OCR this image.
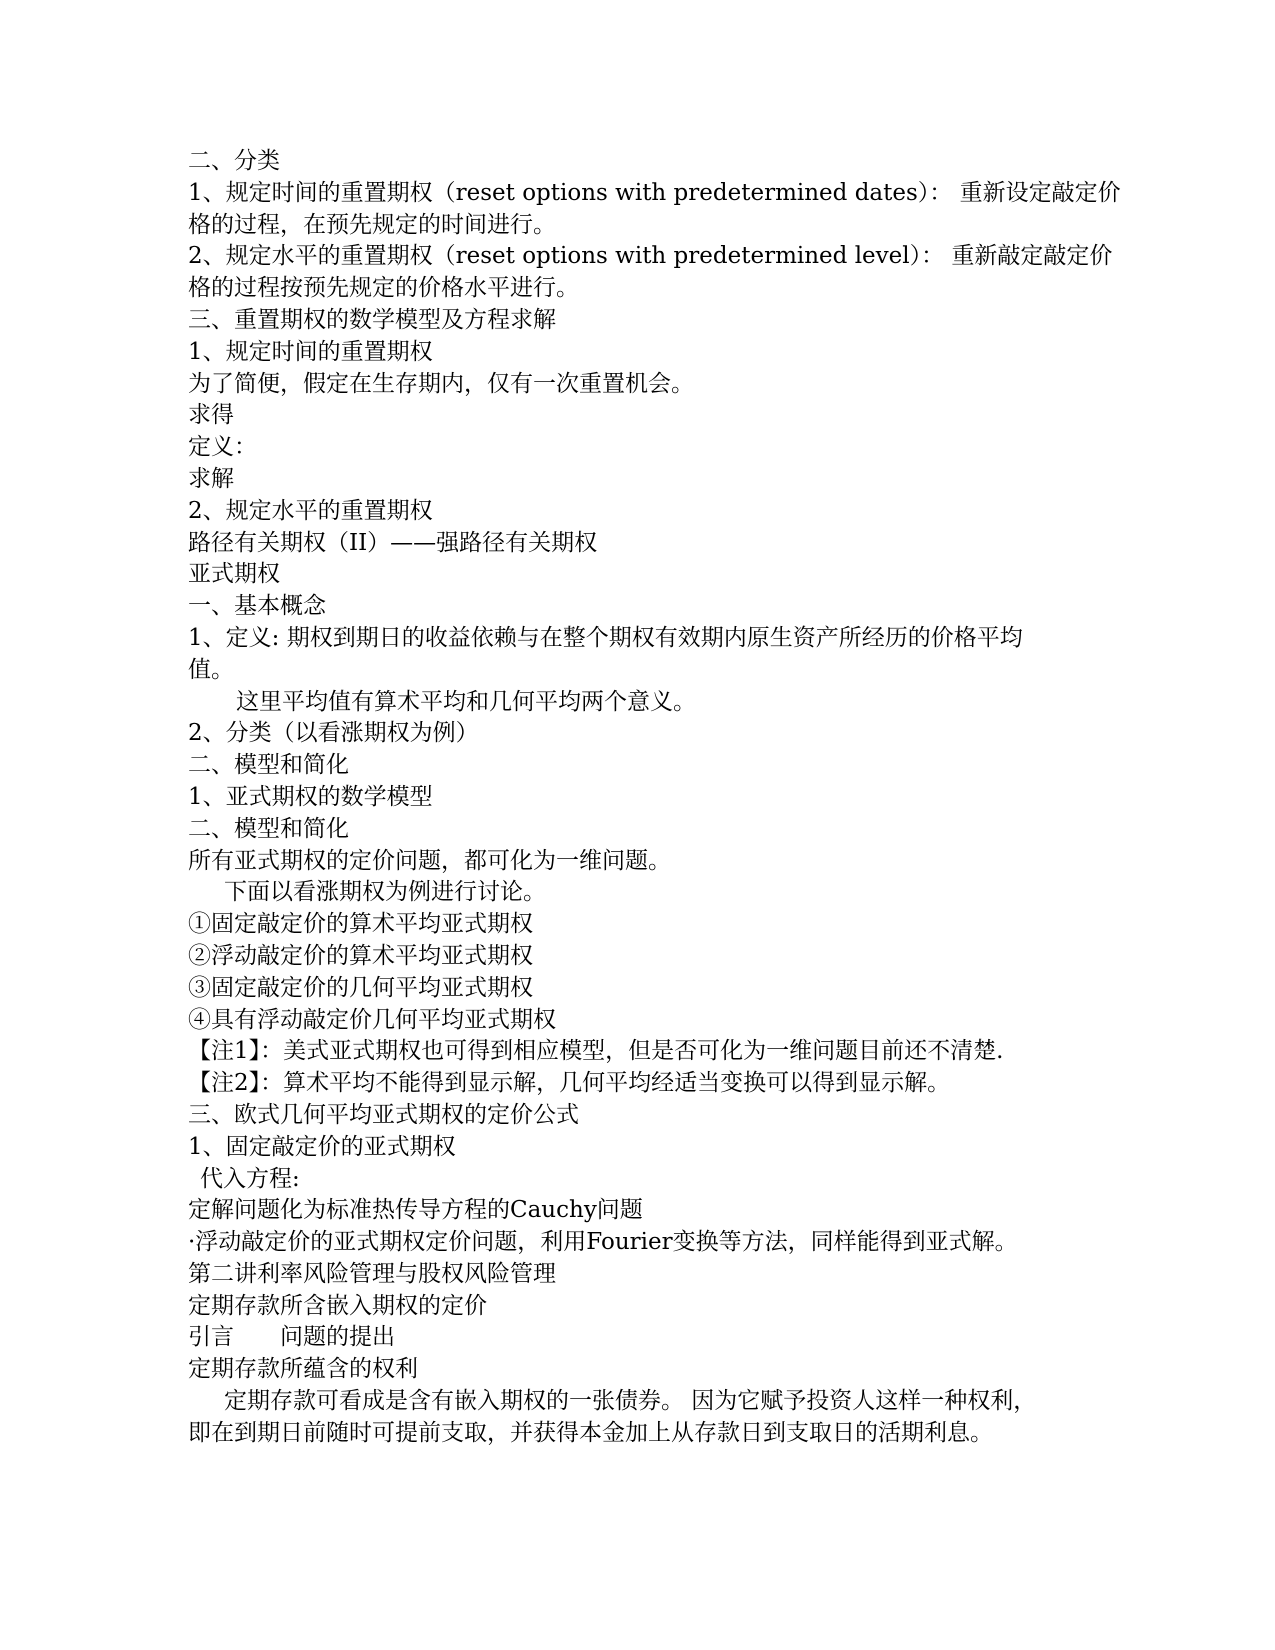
二、分类
1、规定时间的重置期权（reset options with predetermined dates）： 重新设定敲定价
格的过程，在预先规定的时间进行。
2、规定水平的重置期权（reset options with predetermined level）： 重新敲定敲定价
格的过程按预先规定的价格水平进行。
三、重置期权的数学模型及方程求解
1、规定时间的重置期权
为了简便，假定在生存期内，仅有一次重置机会。
求得
定义：
求解
2、规定水平的重置期权
路径有关期权（II）——强路径有关期权
亚式期权
一、基本概念
1、定义: 期权到期日的收益依赖与在整个期权有效期内原生资产所经历的价格平均
值。
这里平均值有算术平均和几何平均两个意义。
2、分类（以看涨期权为例）
二、模型和简化
1、亚式期权的数学模型
二、模型和简化
所有亚式期权的定价问题，都可化为一维问题。
下面以看涨期权为例进行讨论。
①固定敲定价的算术平均亚式期权
②浮动敲定价的算术平均亚式期权
③固定敲定价的几何平均亚式期权
④具有浮动敲定价几何平均亚式期权
【注1】：美式亚式期权也可得到相应模型，但是否可化为一维问题目前还不清楚.
【注2】：算术平均不能得到显示解，几何平均经适当变换可以得到显示解。
三、欧式几何平均亚式期权的定价公式
1、固定敲定价的亚式期权
代入方程:
定解问题化为标准热传导方程的Cauchy问题
·浮动敲定价的亚式期权定价问题，利用Fourier变换等方法，同样能得到亚式解。
第二讲利率风险管理与股权风险管理
定期存款所含嵌入期权的定价
引言　　问题的提出
定期存款所蕴含的权利
定期存款可看成是含有嵌入期权的一张债券。 因为它赋予投资人这样一种权利，
即在到期日前随时可提前支取，并获得本金加上从存款日到支取日的活期利息。
